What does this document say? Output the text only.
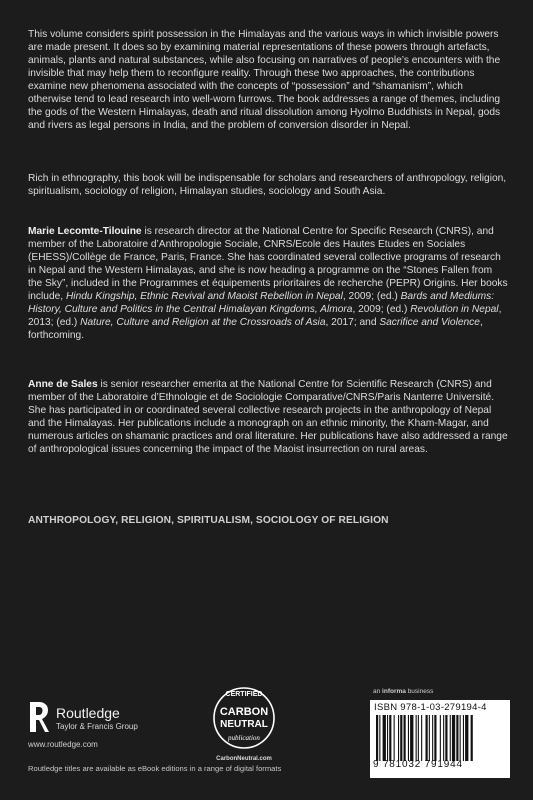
This volume considers spirit possession in the Himalayas and the various ways in which invisible powers are made present. It does so by examining material representations of these powers through artefacts, animals, plants and natural substances, while also focusing on narratives of people’s encounters with the invisible that may help them to reconfigure reality. Through these two approaches, the contributions examine new phenomena associated with the concepts of “possession” and “shamanism”, which otherwise tend to lead research into well-worn furrows. The book addresses a range of themes, including the gods of the Western Himalayas, death and ritual dissolution among Hyolmo Buddhists in Nepal, gods and rivers as legal persons in India, and the problem of conversion disorder in Nepal.

Rich in ethnography, this book will be indispensable for scholars and researchers of anthropology, religion, spiritualism, sociology of religion, Himalayan studies, sociology and South Asia.

Marie Lecomte-Tilouine is research director at the National Centre for Specific Research (CNRS), and member of the Laboratoire d’Anthropologie Sociale, CNRS/Ecole des Hautes Etudes en Sociales (EHESS)/Collège de France, Paris, France. She has coordinated several collective programs of research in Nepal and the Western Himalayas, and she is now heading a programme on the “Stones Fallen from the Sky”, included in the Programmes et équipements prioritaires de recherche (PEPR) Origins. Her books include, Hindu Kingship, Ethnic Revival and Maoist Rebellion in Nepal, 2009; (ed.) Bards and Mediums: History, Culture and Politics in the Central Himalayan Kingdoms, Almora, 2009; (ed.) Revolution in Nepal, 2013; (ed.) Nature, Culture and Religion at the Crossroads of Asia, 2017; and Sacrifice and Violence, forthcoming.

Anne de Sales is senior researcher emerita at the National Centre for Scientific Research (CNRS) and member of the Laboratoire d’Ethnologie et de Sociologie Comparative/CNRS/Paris Nanterre Université. She has participated in or coordinated several collective research projects in the anthropology of Nepal and the Himalayas. Her publications include a monograph on an ethnic minority, the Kham-Magar, and numerous articles on shamanic practices and oral literature. Her publications have also addressed a range of anthropological issues concerning the impact of the Maoist insurrection on rural areas.

ANTHROPOLOGY, RELIGION, SPIRITUALISM, SOCIOLOGY OF RELIGION
Routledge
Taylor & Francis Group
www.routledge.com
Routledge titles are available as eBook editions in a range of digital formats
CERTIFIED
CARBON
NEUTRAL
publication
CarbonNeutral.com
an informa business
ISBN 978-1-03-279194-4
9 781032 791944
